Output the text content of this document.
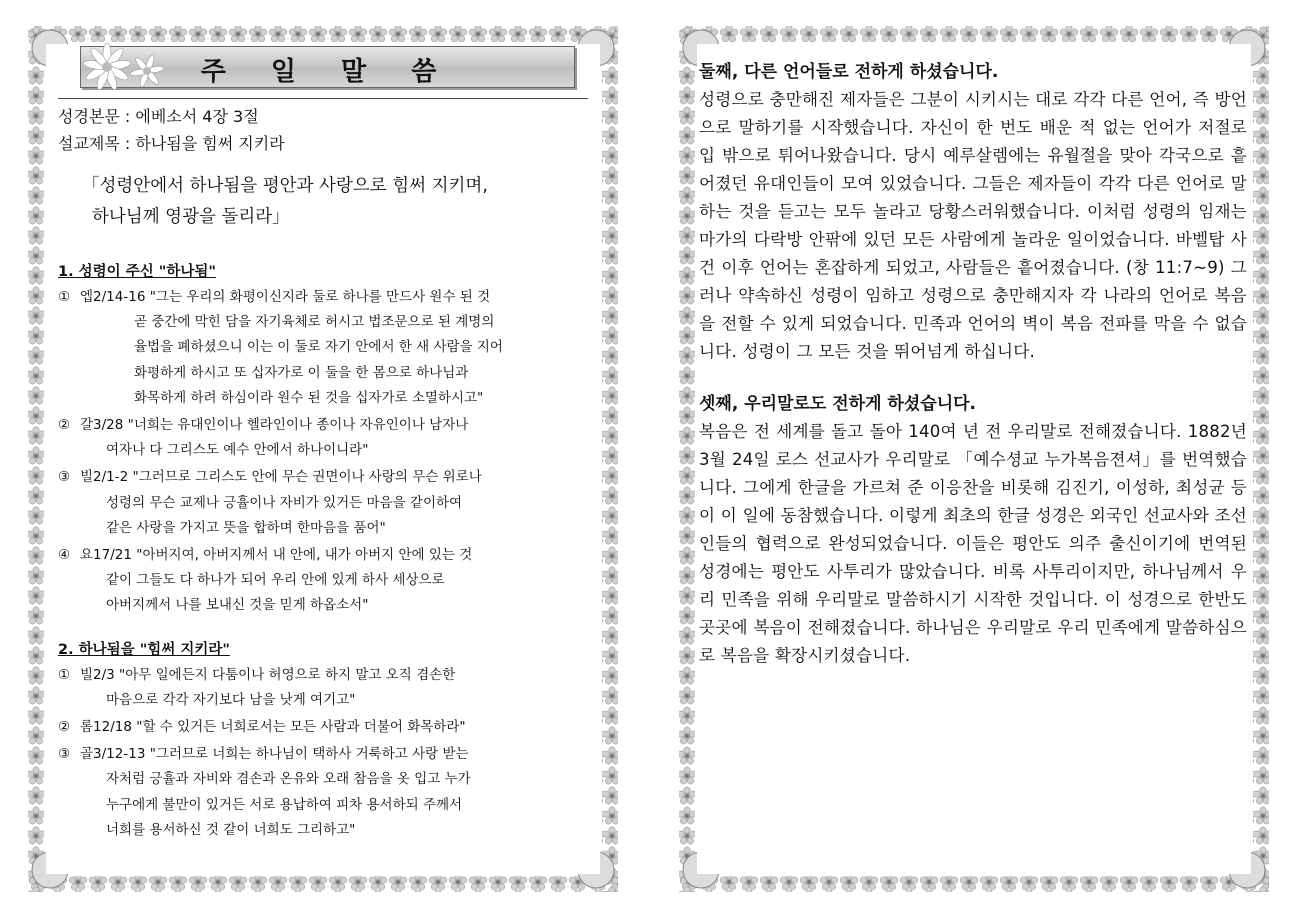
주 일 말 씀
성경본문 : 에베소서 4장 3절
설교제목 : 하나됨을 힘써 지키라
「성령안에서 하나됨을 평안과 사랑으로 힘써 지키며,
하나님께 영광을 돌리라」
1. 성령이 주신 "하나됨"
① 엡2/14-16 "그는 우리의 화평이신지라 둘로 하나를 만드사 원수 된 것
곧 중간에 막힌 담을 자기육체로 허시고 법조문으로 된 계명의
율법을 폐하셨으니 이는 이 둘로 자기 안에서 한 새 사람을 지어
화평하게 하시고 또 십자가로 이 둘을 한 몸으로 하나님과
화목하게 하려 하심이라 원수 된 것을 십자가로 소멸하시고"
② 갈3/28 "너희는 유대인이나 헬라인이나 종이나 자유인이나 남자나
여자나 다 그리스도 예수 안에서 하나이니라"
③ 빌2/1-2 "그러므로 그리스도 안에 무슨 권면이나 사랑의 무슨 위로나
성령의 무슨 교제나 긍휼이나 자비가 있거든 마음을 같이하여
같은 사랑을 가지고 뜻을 합하며 한마음을 품어"
④ 요17/21 "아버지여, 아버지께서 내 안에, 내가 아버지 안에 있는 것
같이 그들도 다 하나가 되어 우리 안에 있게 하사 세상으로
아버지께서 나를 보내신 것을 믿게 하옵소서"
2. 하나됨을 "힘써 지키라"
① 빌2/3 "아무 일에든지 다툼이나 허영으로 하지 말고 오직 겸손한
마음으로 각각 자기보다 남을 낫게 여기고"
② 롬12/18 "할 수 있거든 너희로서는 모든 사람과 더불어 화목하라"
③ 골3/12-13 "그러므로 너희는 하나님이 택하사 거룩하고 사랑 받는
자처럼 긍휼과 자비와 겸손과 온유와 오래 참음을 옷 입고 누가
누구에게 불만이 있거든 서로 용납하여 피차 용서하되 주께서
너희를 용서하신 것 같이 너희도 그리하고"
둘째, 다른 언어들로 전하게 하셨습니다.

성령으로 충만해진 제자들은 그분이 시키시는 대로 각각 다른 언어, 즉 방언으로 말하기를 시작했습니다. 자신이 한 번도 배운 적 없는 언어가 저절로 입 밖으로 튀어나왔습니다. 당시 예루살렘에는 유월절을 맞아 각국으로 흩어졌던 유대인들이 모여 있었습니다. 그들은 제자들이 각각 다른 언어로 말하는 것을 듣고는 모두 놀라고 당황스러워했습니다. 이처럼 성령의 임재는 마가의 다락방 안팎에 있던 모든 사람에게 놀라운 일이었습니다. 바벨탑 사건 이후 언어는 혼잡하게 되었고, 사람들은 흩어졌습니다. (창 11:7~9) 그러나 약속하신 성령이 임하고 성령으로 충만해지자 각 나라의 언어로 복음을 전할 수 있게 되었습니다. 민족과 언어의 벽이 복음 전파를 막을 수 없습니다. 성령이 그 모든 것을 뛰어넘게 하십니다.

셋째, 우리말로도 전하게 하셨습니다.

복음은 전 세계를 돌고 돌아 140여 년 전 우리말로 전해졌습니다. 1882년 3월 24일 로스 선교사가 우리말로 「예수셩교 누가복음젼셔」를 번역했습니다. 그에게 한글을 가르쳐 준 이응찬을 비롯해 김진기, 이성하, 최성균 등이 이 일에 동참했습니다. 이렇게 최초의 한글 성경은 외국인 선교사와 조선인들의 협력으로 완성되었습니다. 이들은 평안도 의주 출신이기에 번역된 성경에는 평안도 사투리가 많았습니다. 비록 사투리이지만, 하나님께서 우리 민족을 위해 우리말로 말씀하시기 시작한 것입니다. 이 성경으로 한반도 곳곳에 복음이 전해졌습니다. 하나님은 우리말로 우리 민족에게 말씀하심으로 복음을 확장시키셨습니다.
